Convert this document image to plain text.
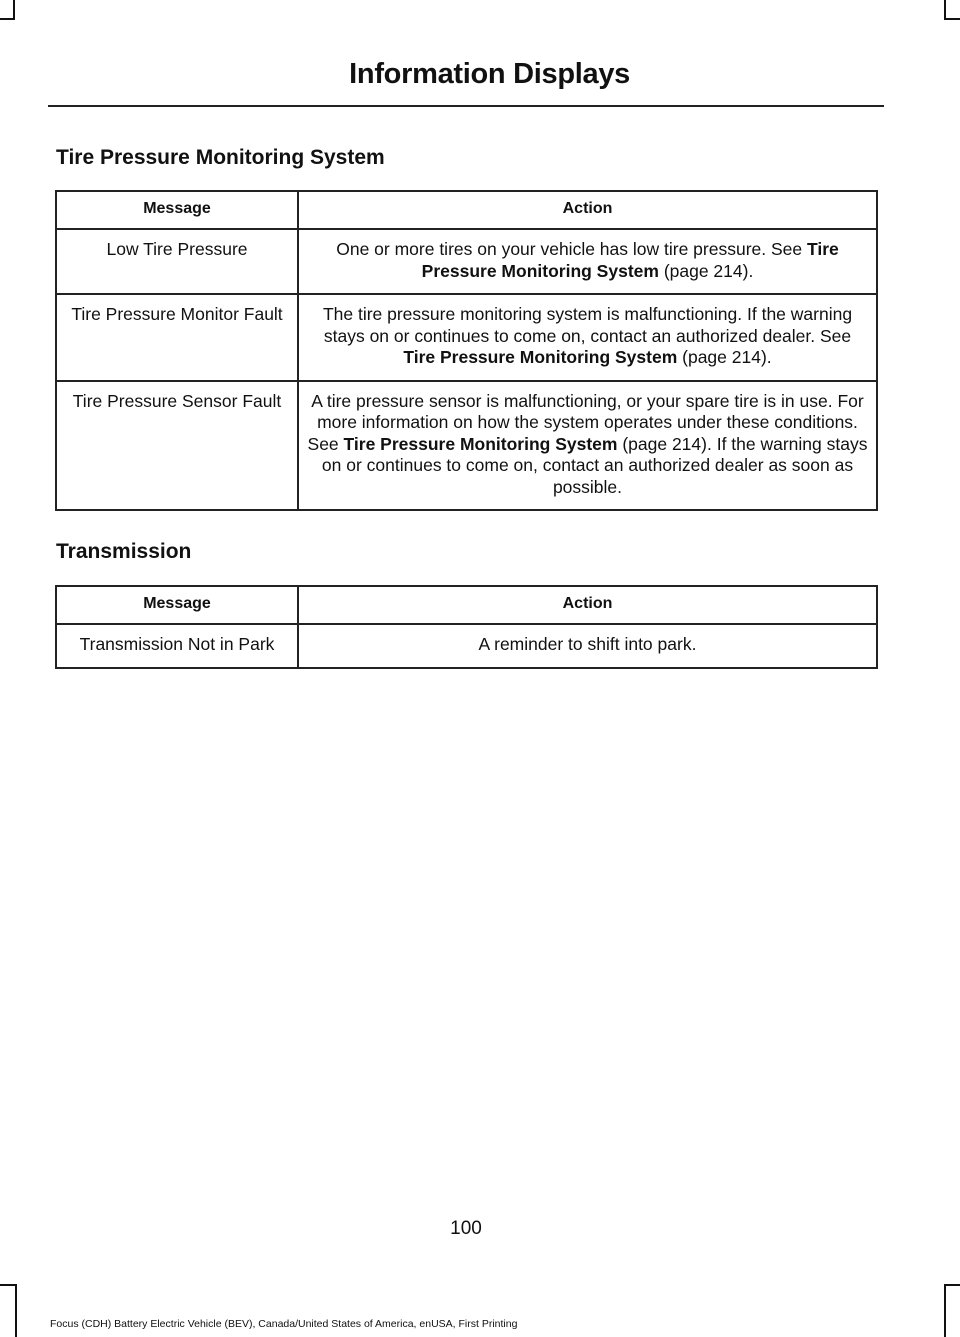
Information Displays
Tire Pressure Monitoring System
Message	Action
Low Tire Pressure	One or more tires on your vehicle has low tire pressure. See Tire Pressure Monitoring System (page 214).
Tire Pressure Monitor Fault	The tire pressure monitoring system is malfunctioning. If the warning stays on or continues to come on, contact an authorized dealer. See Tire Pressure Monitoring System (page 214).
Tire Pressure Sensor Fault	A tire pressure sensor is malfunctioning, or your spare tire is in use. For more information on how the system operates under these conditions. See Tire Pressure Monitoring System (page 214). If the warning stays on or continues to come on, contact an authorized dealer as soon as possible.
Transmission
Message	Action
Transmission Not in Park	A reminder to shift into park.
100
Focus (CDH) Battery Electric Vehicle (BEV), Canada/United States of America, enUSA, First Printing
